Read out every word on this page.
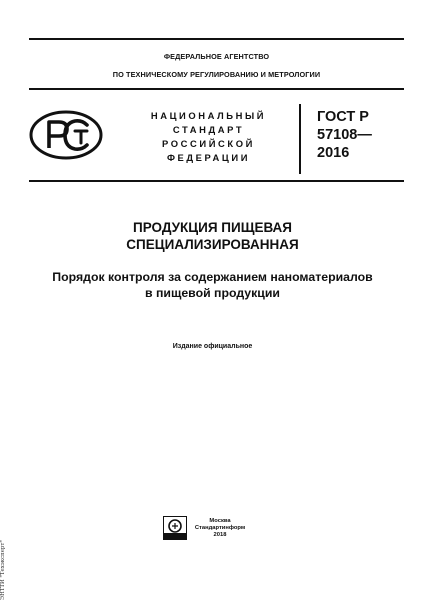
ФЕДЕРАЛЬНОЕ АГЕНТСТВО
ПО ТЕХНИЧЕСКОМУ РЕГУЛИРОВАНИЮ И МЕТРОЛОГИИ
НАЦИОНАЛЬНЫЙ
СТАНДАРТ
РОССИЙСКОЙ
ФЕДЕРАЦИИ
ГОСТ Р
57108—
2016
ПРОДУКЦИЯ ПИЩЕВАЯ
СПЕЦИАЛИЗИРОВАННАЯ
Порядок контроля за содержанием наноматериалов
в пищевой продукции
Издание официальное
Москва
Стандартинформ
2018
ЭНТТИ "Техэксперт"
